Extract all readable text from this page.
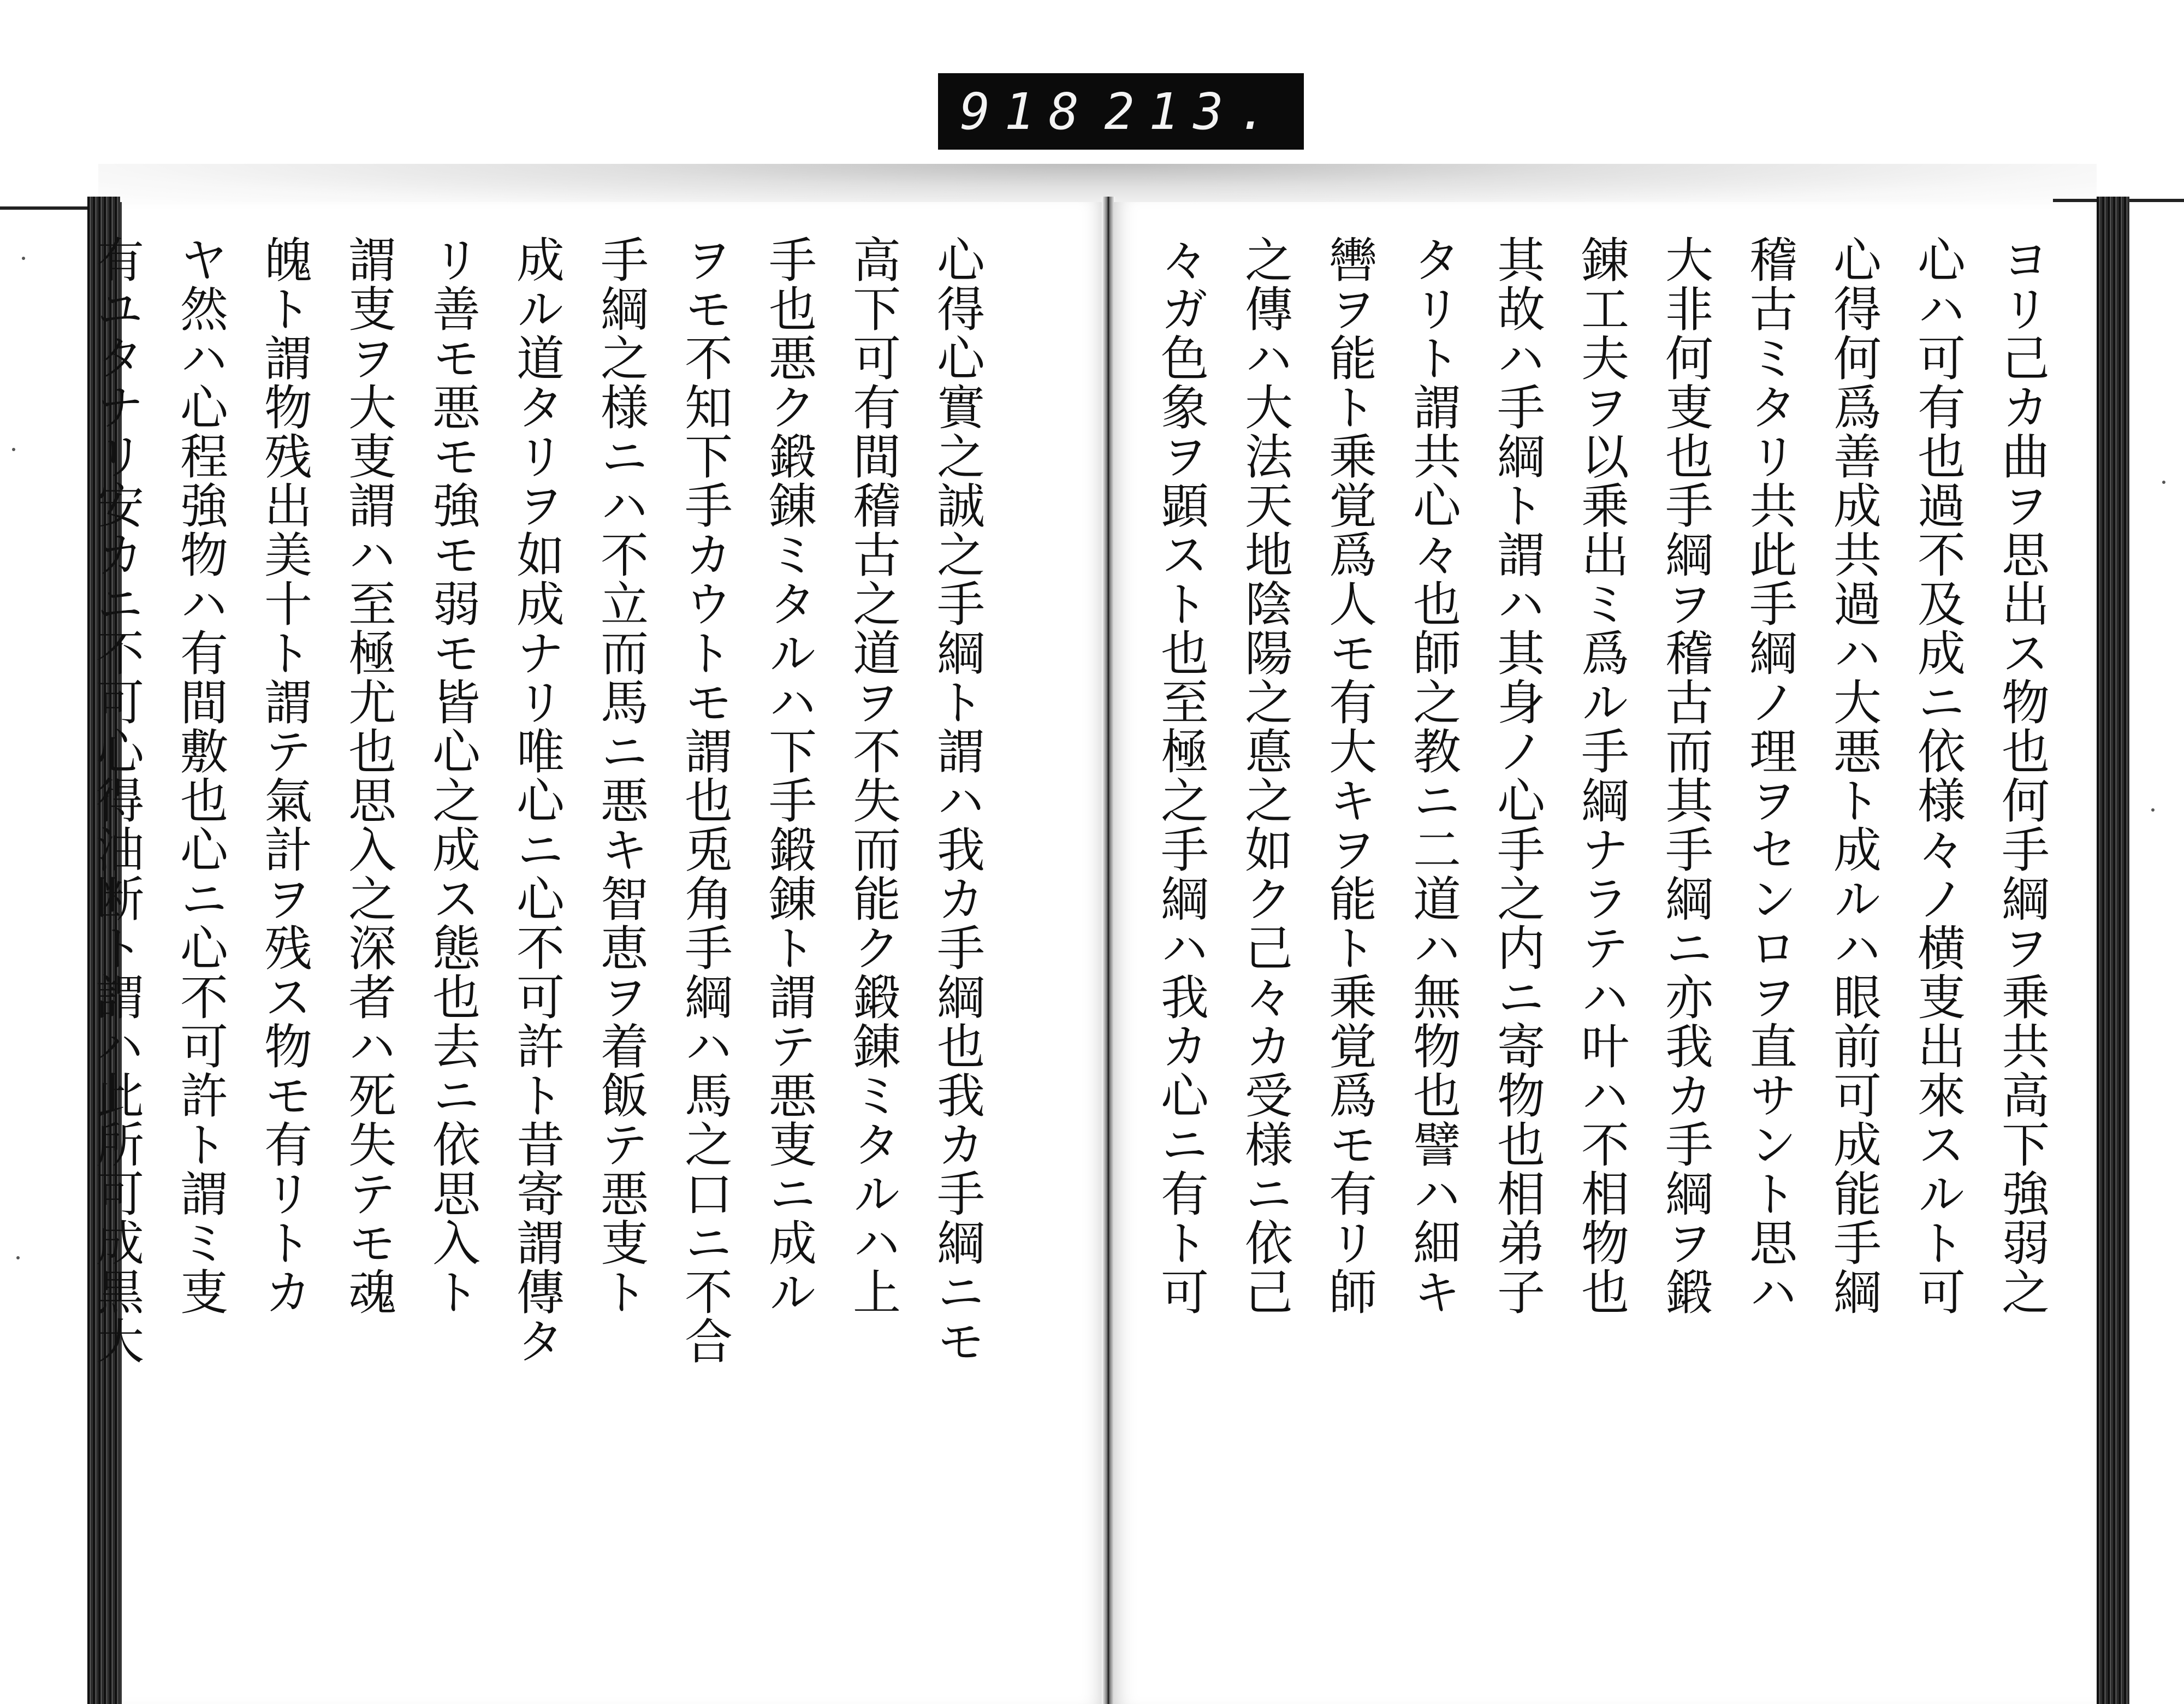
918 213.
ヨリ己カ曲ヲ思出ス物也何手綱ヲ乗共高下強弱之
心ハ可有也過不及成ニ依様々ノ横叓出來スルト可
心得何爲善成共過ハ大悪ト成ルハ眼前可成能手綱
稽古ミタリ共此手綱ノ理ヲセンロヲ直サント思ハ
大非何叓也手綱ヲ稽古而其手綱ニ亦我カ手綱ヲ鍛
錬工夫ヲ以乗出ミ爲ル手綱ナラテハ叶ハ不相物也
其故ハ手綱ト謂ハ其身ノ心手之内ニ寄物也相弟子
タリト謂共心々也師之教ニ二道ハ無物也譬ハ細キ
轡ヲ能ト乗覚爲人モ有大キヲ能ト乗覚爲モ有リ師
之傳ハ大法天地陰陽之悳之如ク己々カ受様ニ依己
々ガ色象ヲ顕スト也至極之手綱ハ我カ心ニ有ト可
心得心實之誠之手綱ト謂ハ我カ手綱也我カ手綱ニモ
高下可有間稽古之道ヲ不失而能ク鍛錬ミタルハ上
手也悪ク鍛錬ミタルハ下手鍛錬ト謂テ悪叓ニ成ル
ヲモ不知下手カウトモ謂也兎角手綱ハ馬之口ニ不合
手綱之様ニハ不立而馬ニ悪キ智恵ヲ着飯テ悪叓ト
成ル道タリヲ如成ナリ唯心ニ心不可許ト昔寄謂傳タ
リ善モ悪モ強モ弱モ皆心之成ス態也去ニ依思入ト
謂叓ヲ大叓謂ハ至極尤也思入之深者ハ死失テモ魂
魄ト謂物残出美十ト謂テ氣計ヲ残ス物モ有リトカ
ヤ然ハ心程強物ハ有間敷也心ニ心不可許ト謂ミ叓
有ユタナリ安カニ不可心得油断ト謂ハ此所可成黒大
